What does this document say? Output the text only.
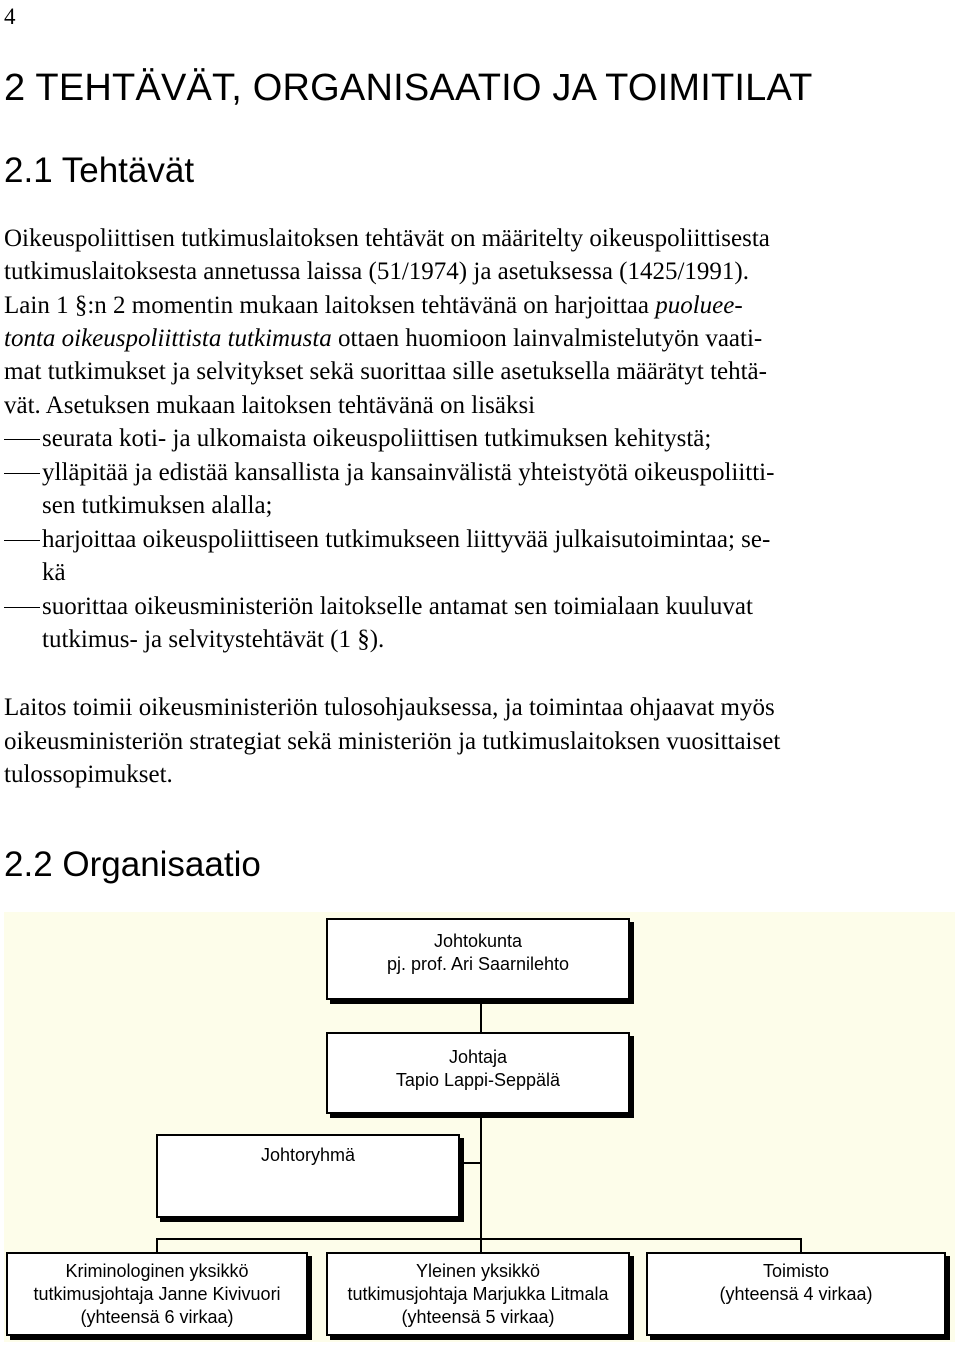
4
2 TEHTÄVÄT, ORGANISAATIO JA TOIMITILAT
2.1 Tehtävät
Oikeuspoliittisen tutkimuslaitoksen tehtävät on määritelty oikeuspoliittisesta
tutkimuslaitoksesta annetussa laissa (51/1974) ja asetuksessa (1425/1991).
Lain 1 §:n 2 momentin mukaan laitoksen tehtävänä on harjoittaa puoluee-
tonta oikeuspoliittista tutkimusta ottaen huomioon lainvalmistelutyön vaati-
mat tutkimukset ja selvitykset sekä suorittaa sille asetuksella määrätyt tehtä-
vät. Asetuksen mukaan laitoksen tehtävänä on lisäksi
seurata koti- ja ulkomaista oikeuspoliittisen tutkimuksen kehitystä;
ylläpitää ja edistää kansallista ja kansainvälistä yhteistyötä oikeuspoliitti-
sen tutkimuksen alalla;
harjoittaa oikeuspoliittiseen tutkimukseen liittyvää julkaisutoimintaa; se-
kä
suorittaa oikeusministeriön laitokselle antamat sen toimialaan kuuluvat
tutkimus- ja selvitystehtävät (1 §).
Laitos toimii oikeusministeriön tulosohjauksessa, ja toimintaa ohjaavat myös
oikeusministeriön strategiat sekä ministeriön ja tutkimuslaitoksen vuosittaiset
tulossopimukset.
2.2 Organisaatio
Johtokunta
pj. prof. Ari Saarnilehto
Johtaja
Tapio Lappi-Seppälä
Johtoryhmä
Kriminologinen yksikkö
tutkimusjohtaja Janne Kivivuori
(yhteensä 6 virkaa)
Yleinen yksikkö
tutkimusjohtaja Marjukka Litmala
(yhteensä 5 virkaa)
Toimisto
(yhteensä 4 virkaa)
